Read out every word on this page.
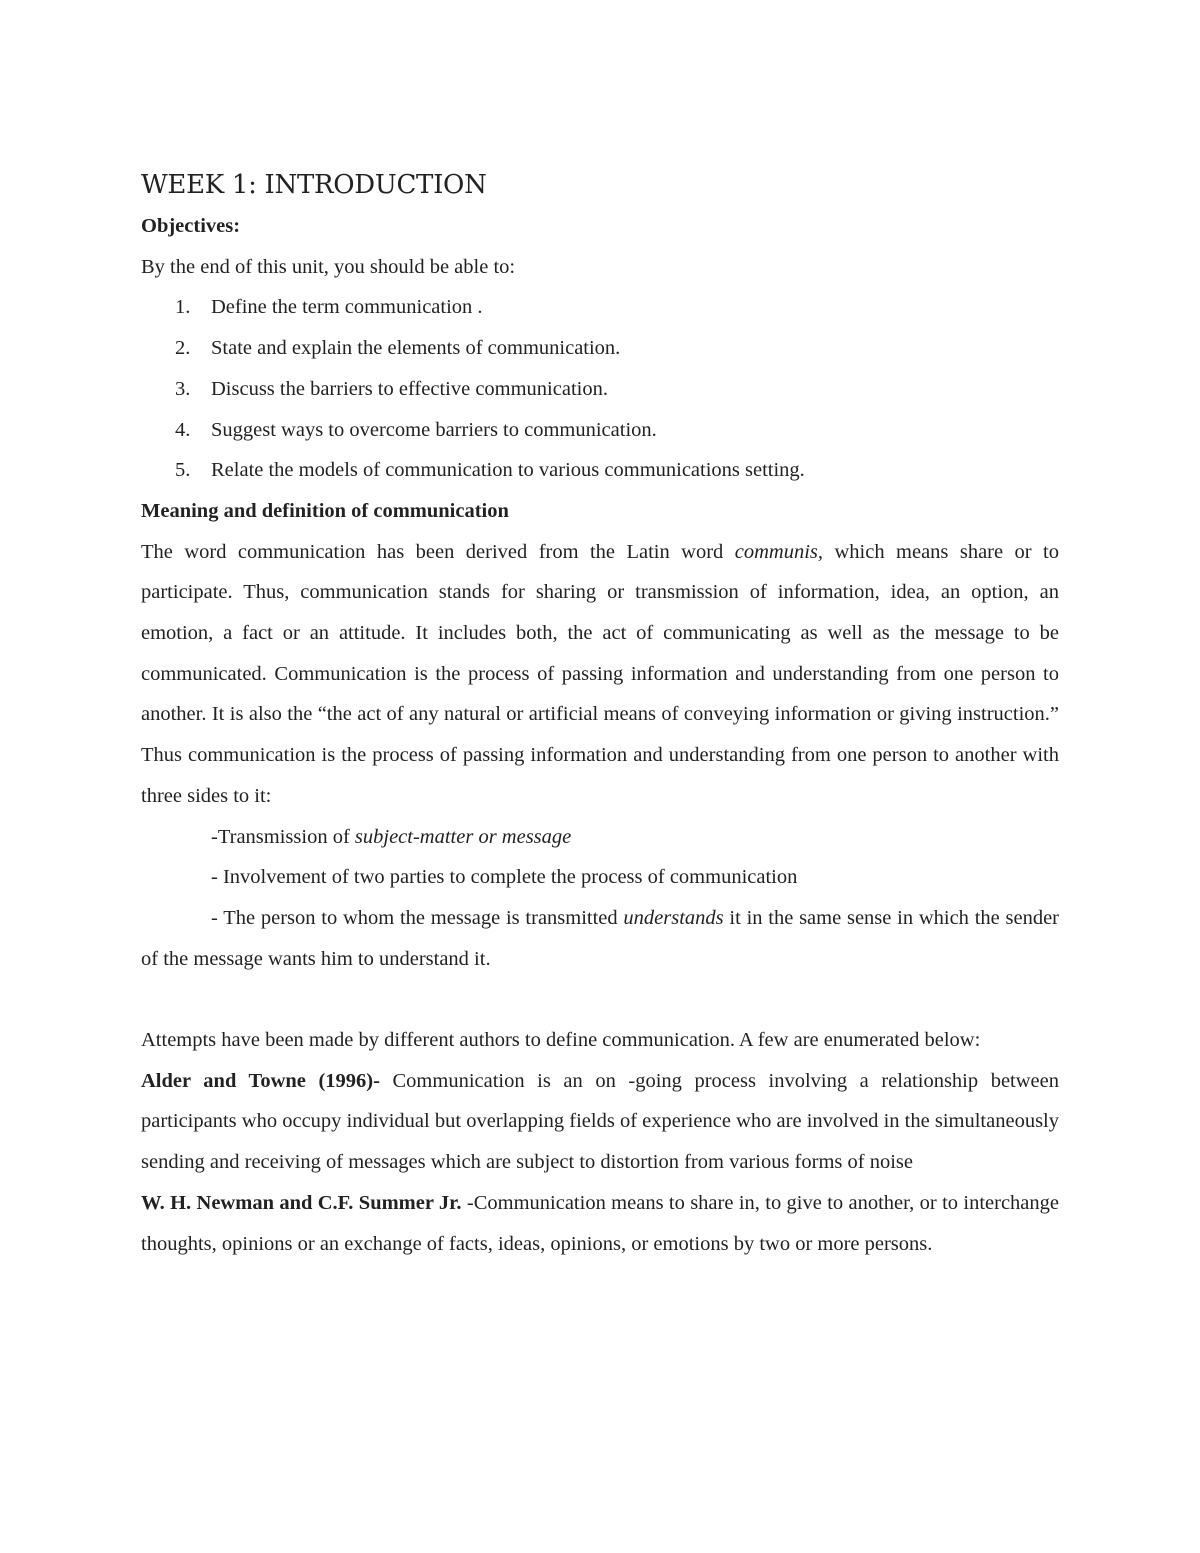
WEEK 1: INTRODUCTION

Objectives:

By the end of this unit, you should be able to:

1.	Define the term communication .
2.	State and explain the elements of communication.
3.	Discuss the barriers to effective communication.
4.	Suggest ways to overcome barriers to communication.
5.	Relate the models of communication to various communications setting.

Meaning and definition of communication

The word communication has been derived from the Latin word communis, which means share or to participate. Thus, communication stands for sharing or transmission of information, idea, an option, an emotion, a fact or an attitude. It includes both, the act of communicating as well as the message to be communicated. Communication is the process of passing information and understanding from one person to another. It is also the “the act of any natural or artificial means of conveying information or giving instruction.” Thus communication is the process of passing information and understanding from one person to another with three sides to it:

-Transmission of subject-matter or message

- Involvement of two parties to complete the process of communication

- The person to whom the message is transmitted understands it in the same sense in which the sender of the message wants him to understand it.

Attempts have been made by different authors to define communication. A few are enumerated below:

Alder and Towne (1996)- Communication is an on -going process involving a relationship between participants who occupy individual but overlapping fields of experience who are involved in the simultaneously sending and receiving of messages which are subject to distortion from various forms of noise

W. H. Newman and C.F. Summer Jr. -Communication means to share in, to give to another, or to interchange thoughts, opinions or an exchange of facts, ideas, opinions, or emotions by two or more persons.
